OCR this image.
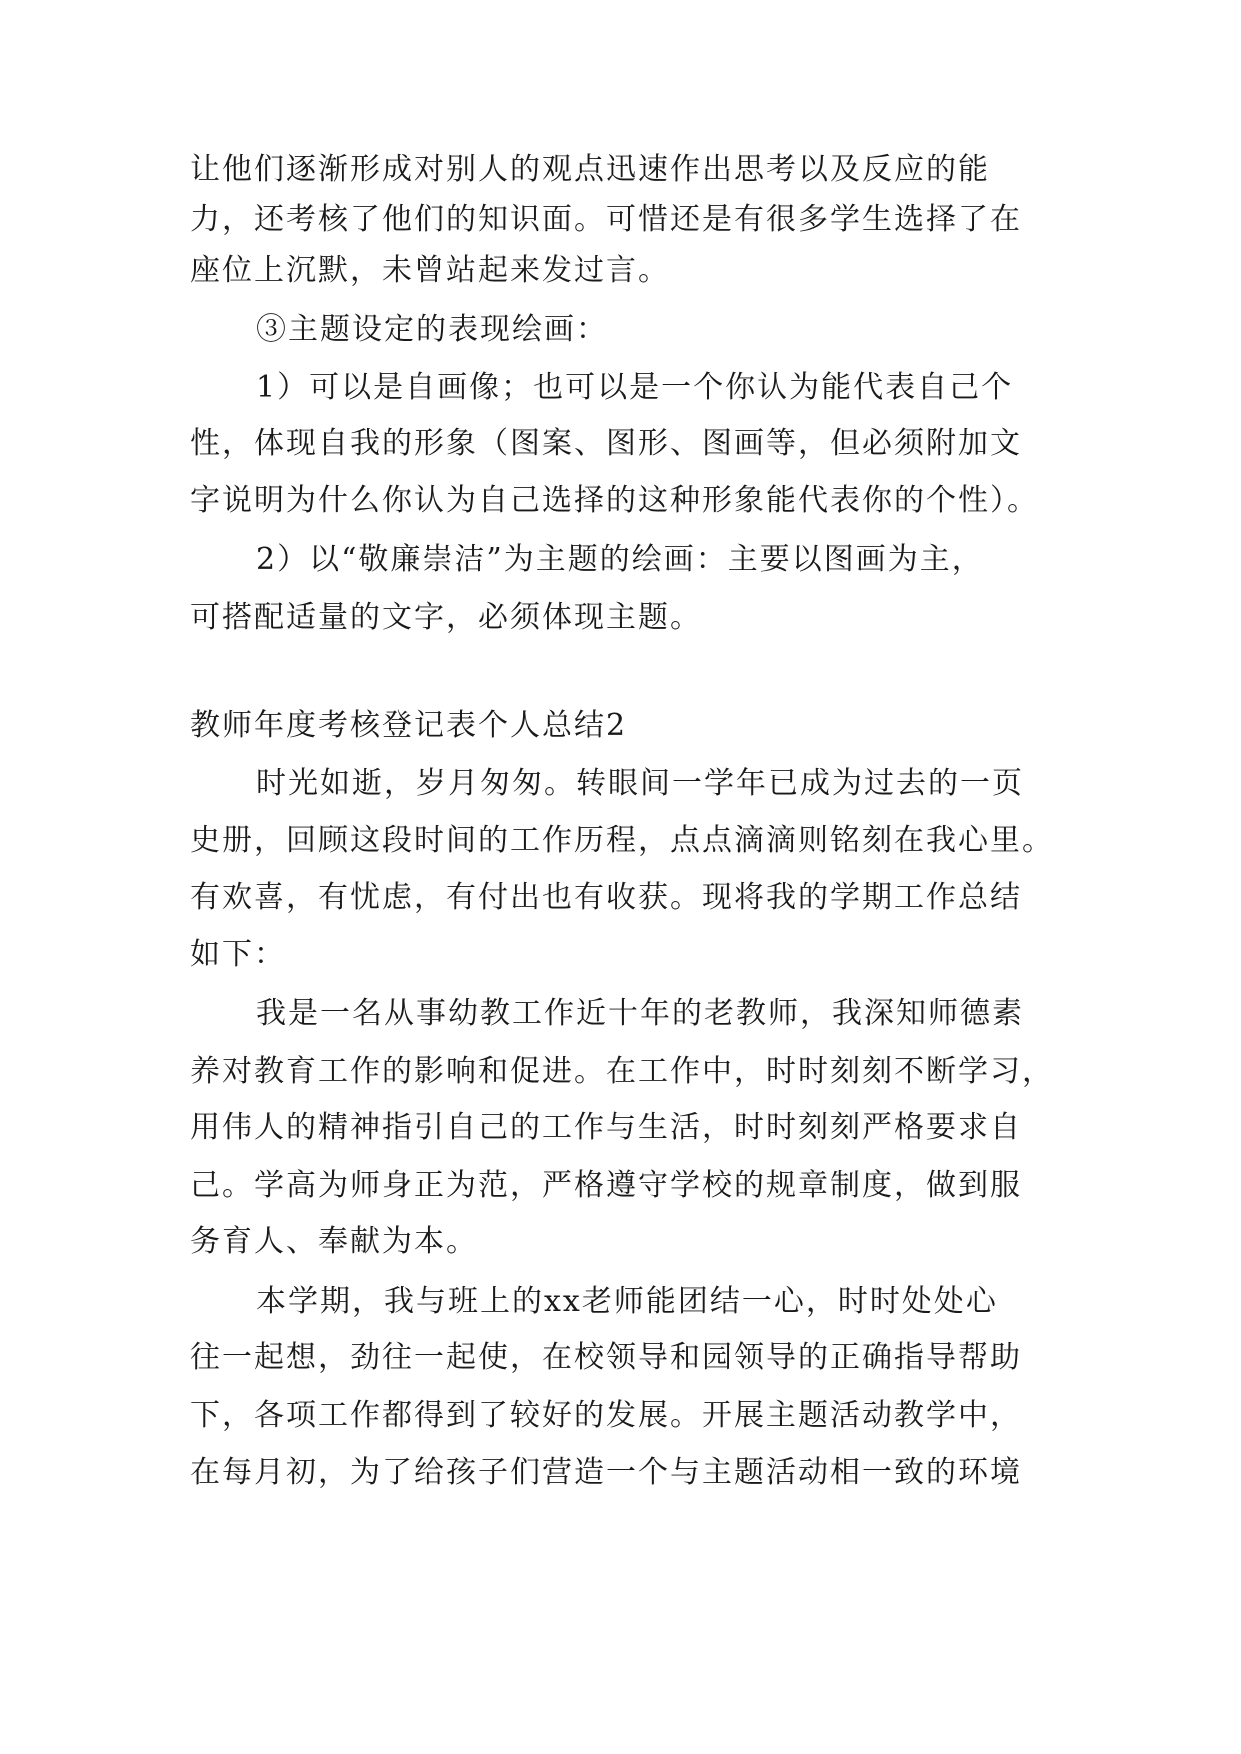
让他们逐渐形成对别人的观点迅速作出思考以及反应的能
力，还考核了他们的知识面。可惜还是有很多学生选择了在
座位上沉默，未曾站起来发过言。
③主题设定的表现绘画：
1）可以是自画像；也可以是一个你认为能代表自己个
性，体现自我的形象（图案、图形、图画等，但必须附加文
字说明为什么你认为自己选择的这种形象能代表你的个性）。
2）以“敬廉崇洁”为主题的绘画：主要以图画为主，
可搭配适量的文字，必须体现主题。
教师年度考核登记表个人总结2
时光如逝，岁月匆匆。转眼间一学年已成为过去的一页
史册，回顾这段时间的工作历程，点点滴滴则铭刻在我心里。
有欢喜，有忧虑，有付出也有收获。现将我的学期工作总结
如下：
我是一名从事幼教工作近十年的老教师，我深知师德素
养对教育工作的影响和促进。在工作中，时时刻刻不断学习，
用伟人的精神指引自己的工作与生活，时时刻刻严格要求自
己。学高为师身正为范，严格遵守学校的规章制度，做到服
务育人、奉献为本。
本学期，我与班上的xx老师能团结一心，时时处处心
往一起想，劲往一起使，在校领导和园领导的正确指导帮助
下，各项工作都得到了较好的发展。开展主题活动教学中，
在每月初，为了给孩子们营造一个与主题活动相一致的环境
